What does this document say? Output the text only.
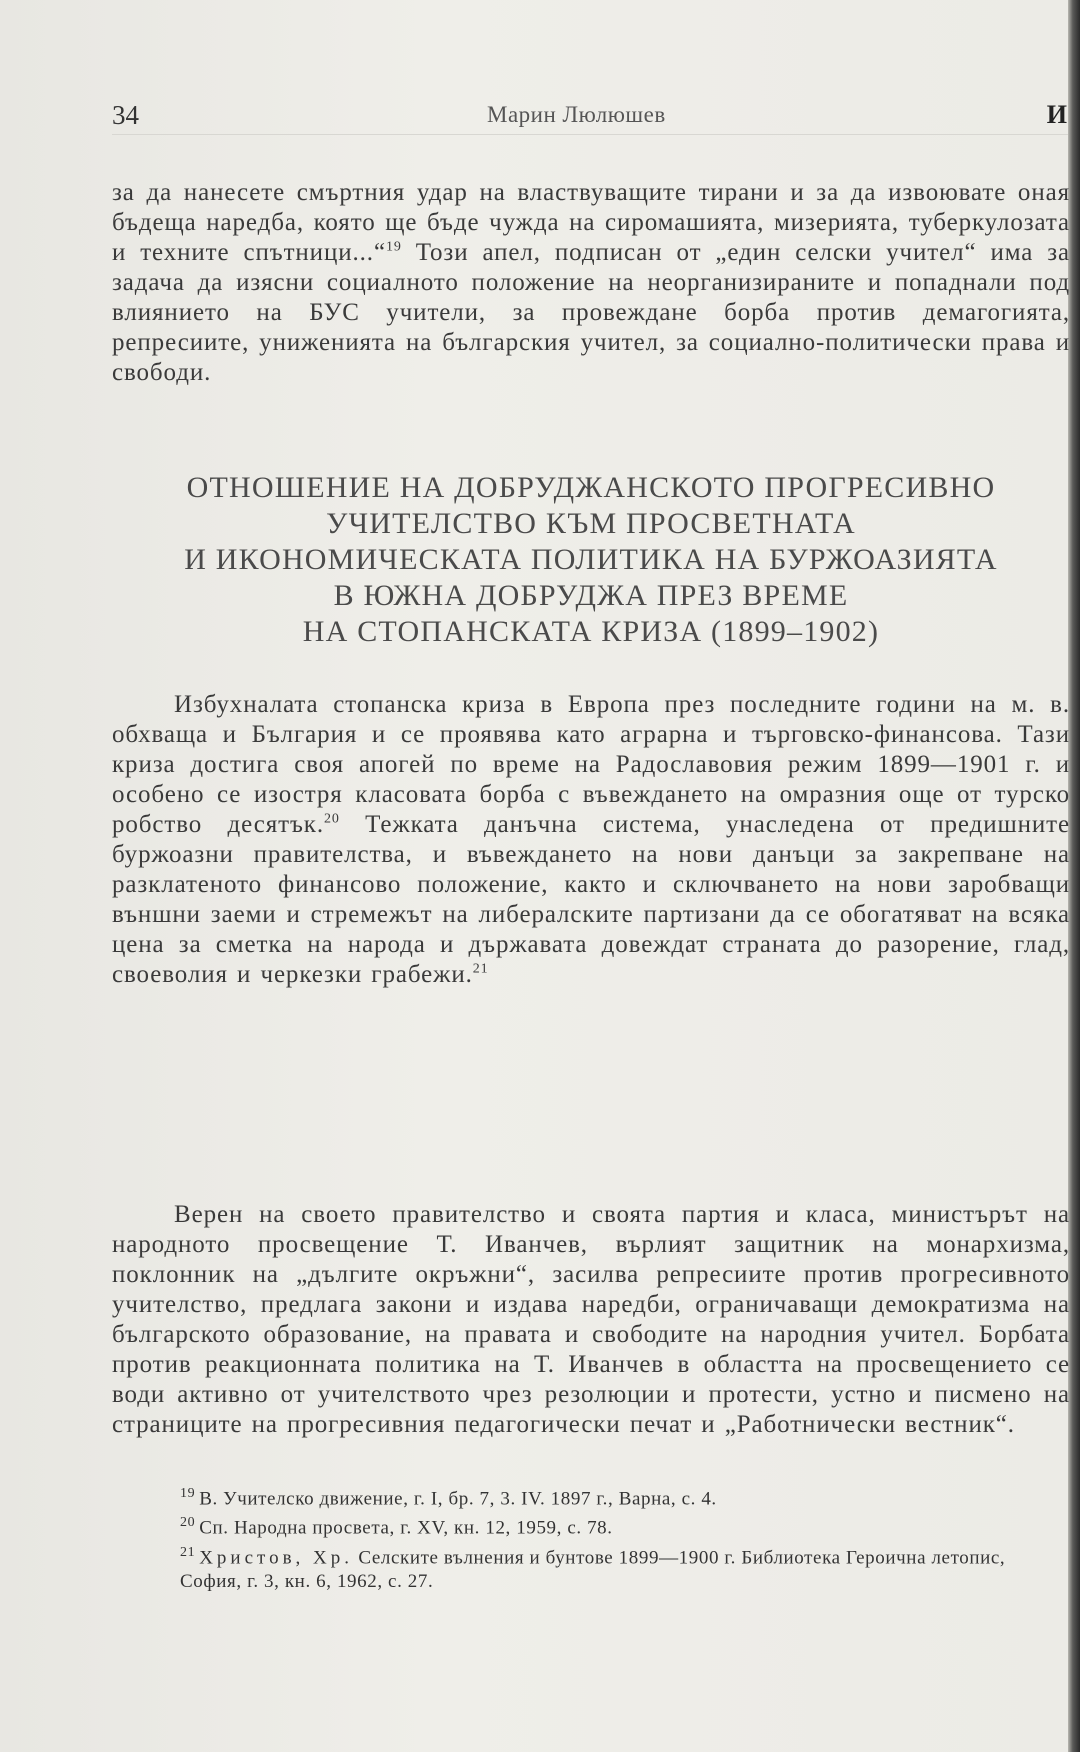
34	Марин Люлюшев	И

за да нанесете смъртния удар на властвуващите тирани и за да извоювате оная бъдеща наредба, която ще бъде чужда на сиромашията, мизерията, туберкулозата и техните спътници...“$^{19}$ Този апел, подписан от „един селски учител“ има за задача да изясни социалното положение на неорганизираните и попаднали под влиянието на БУС учители, за провеждане борба против демагогията, репресиите, униженията на българския учител, за социално-политически права и свободи.

ОТНОШЕНИЕ НА ДОБРУДЖАНСКОТО ПРОГРЕСИВНО
УЧИТЕЛСТВО КЪМ ПРОСВЕТНАТА
И ИКОНОМИЧЕСКАТА ПОЛИТИКА НА БУРЖОАЗИЯТА
В ЮЖНА ДОБРУДЖА ПРЕЗ ВРЕМЕ
НА СТОПАНСКАТА КРИЗА (1899–1902)

Избухналата стопанска криза в Европа през последните години на м. в. обхваща и България и се проявява като аграрна и търговско-финансова. Тази криза достига своя апогей по време на Радославовия режим 1899—1901 г. и особено се изостря класовата борба с въвеждането на омразния още от турско робство десятък.$^{20}$ Тежката данъчна система, унаследена от предишните буржоазни правителства, и въвеждането на нови данъци за закрепване на разклатеното финансово положение, както и сключването на нови заробващи външни заеми и стремежът на либералските партизани да се обогатяват на всяка цена за сметка на народа и държавата довеждат страната до разорение, глад, своеволия и черкезки грабежи.$^{21}$

Верен на своето правителство и своята партия и класа, министърът на народното просвещение Т. Иванчев, върлият защитник на монархизма, поклонник на „дългите окръжни“, засилва репресиите против прогресивното учителство, предлага закони и издава наредби, ограничаващи демократизма на българското образование, на правата и свободите на народния учител. Борбата против реакционната политика на Т. Иванчев в областта на просвещението се води активно от учителството чрез резолюции и протести, устно и писмено на страниците на прогресивния педагогически печат и „Работнически вестник“.

$^{19}$ В. Учителско движение, г. I, бр. 7, 3. IV. 1897 г., Варна, с. 4.

$^{20}$ Сп. Народна просвета, г. XV, кн. 12, 1959, с. 78.

$^{21}$ Христов, Хр. Селските вълнения и бунтове 1899—1900 г. Библиотека Героична летопис, София, г. 3, кн. 6, 1962, с. 27.
